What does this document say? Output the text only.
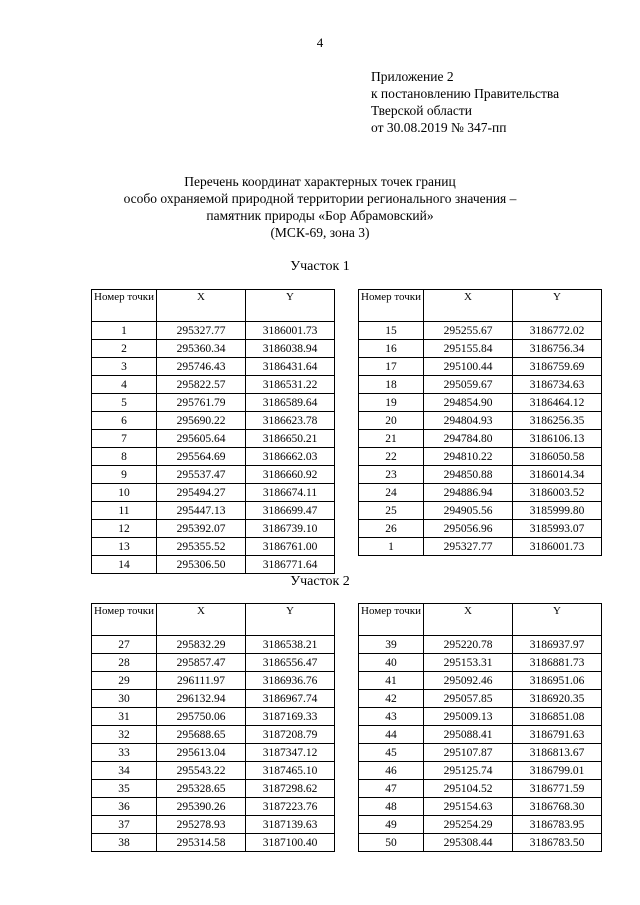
4
Приложение 2
к постановлению Правительства
Тверской области
от 30.08.2019 № 347-пп
Перечень координат характерных точек границ
особо охраняемой природной территории регионального значения –
памятник природы «Бор Абрамовский»
(МСК-69, зона 3)
Участок 1
Участок 2
Номер точки	X	Y
1	295327.77	3186001.73
2	295360.34	3186038.94
3	295746.43	3186431.64
4	295822.57	3186531.22
5	295761.79	3186589.64
6	295690.22	3186623.78
7	295605.64	3186650.21
8	295564.69	3186662.03
9	295537.47	3186660.92
10	295494.27	3186674.11
11	295447.13	3186699.47
12	295392.07	3186739.10
13	295355.52	3186761.00
14	295306.50	3186771.64
Номер точки	X	Y
15	295255.67	3186772.02
16	295155.84	3186756.34
17	295100.44	3186759.69
18	295059.67	3186734.63
19	294854.90	3186464.12
20	294804.93	3186256.35
21	294784.80	3186106.13
22	294810.22	3186050.58
23	294850.88	3186014.34
24	294886.94	3186003.52
25	294905.56	3185999.80
26	295056.96	3185993.07
1	295327.77	3186001.73
Номер точки	X	Y
27	295832.29	3186538.21
28	295857.47	3186556.47
29	296111.97	3186936.76
30	296132.94	3186967.74
31	295750.06	3187169.33
32	295688.65	3187208.79
33	295613.04	3187347.12
34	295543.22	3187465.10
35	295328.65	3187298.62
36	295390.26	3187223.76
37	295278.93	3187139.63
38	295314.58	3187100.40
Номер точки	X	Y
39	295220.78	3186937.97
40	295153.31	3186881.73
41	295092.46	3186951.06
42	295057.85	3186920.35
43	295009.13	3186851.08
44	295088.41	3186791.63
45	295107.87	3186813.67
46	295125.74	3186799.01
47	295104.52	3186771.59
48	295154.63	3186768.30
49	295254.29	3186783.95
50	295308.44	3186783.50
